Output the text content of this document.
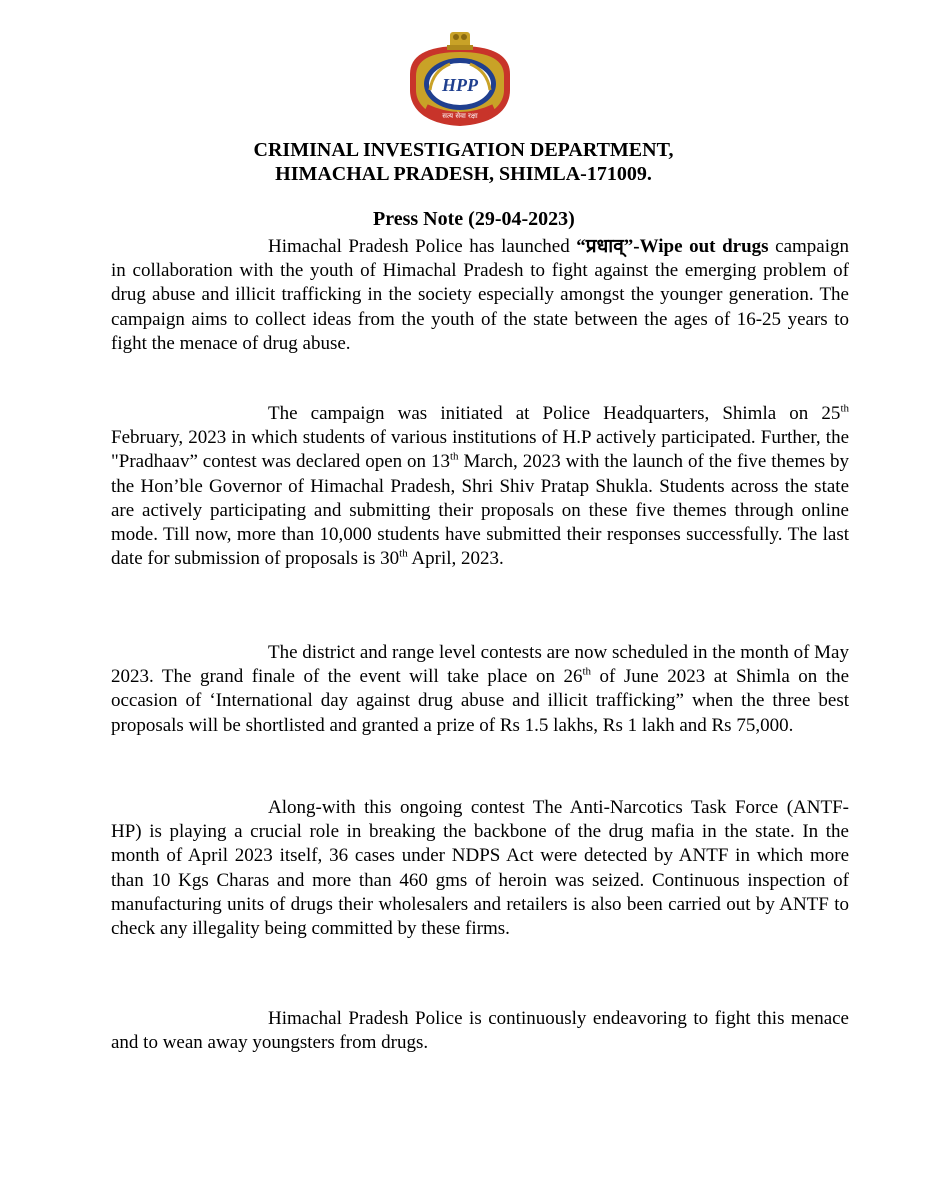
HPP
सत्य सेवा रक्षा
CRIMINAL INVESTIGATION DEPARTMENT,
HIMACHAL PRADESH, SHIMLA-171009.
Press Note (29-04-2023)

Himachal Pradesh Police has launched “प्रधाव्”-Wipe out drugs campaign in collaboration with the youth of Himachal Pradesh to fight against the emerging problem of drug abuse and illicit trafficking in the society especially amongst the younger generation. The campaign aims to collect ideas from the youth of the state between the ages of 16-25 years to fight the menace of drug abuse.

The campaign was initiated at Police Headquarters, Shimla on 25th February, 2023 in which students of various institutions of H.P actively participated. Further, the "Pradhaav” contest was declared open on 13th March, 2023 with the launch of the five themes by the Hon’ble Governor of Himachal Pradesh, Shri Shiv Pratap Shukla. Students across the state are actively participating and submitting their proposals on these five themes through online mode. Till now, more than 10,000 students have submitted their responses successfully. The last date for submission of proposals is 30th April, 2023.

The district and range level contests are now scheduled in the month of May 2023. The grand finale of the event will take place on 26th of June 2023 at Shimla on the occasion of ‘International day against drug abuse and illicit trafficking” when the three best proposals will be shortlisted and granted a prize of Rs 1.5 lakhs, Rs 1 lakh and Rs 75,000.

Along-with this ongoing contest The Anti-Narcotics Task Force (ANTF-HP) is playing a crucial role in breaking the backbone of the drug mafia in the state. In the month of April 2023 itself, 36 cases under NDPS Act were detected by ANTF in which more than 10 Kgs Charas and more than 460 gms of heroin was seized. Continuous inspection of manufacturing units of drugs their wholesalers and retailers is also been carried out by ANTF to check any illegality being committed by these firms.

Himachal Pradesh Police is continuously endeavoring to fight this menace and to wean away youngsters from drugs.
